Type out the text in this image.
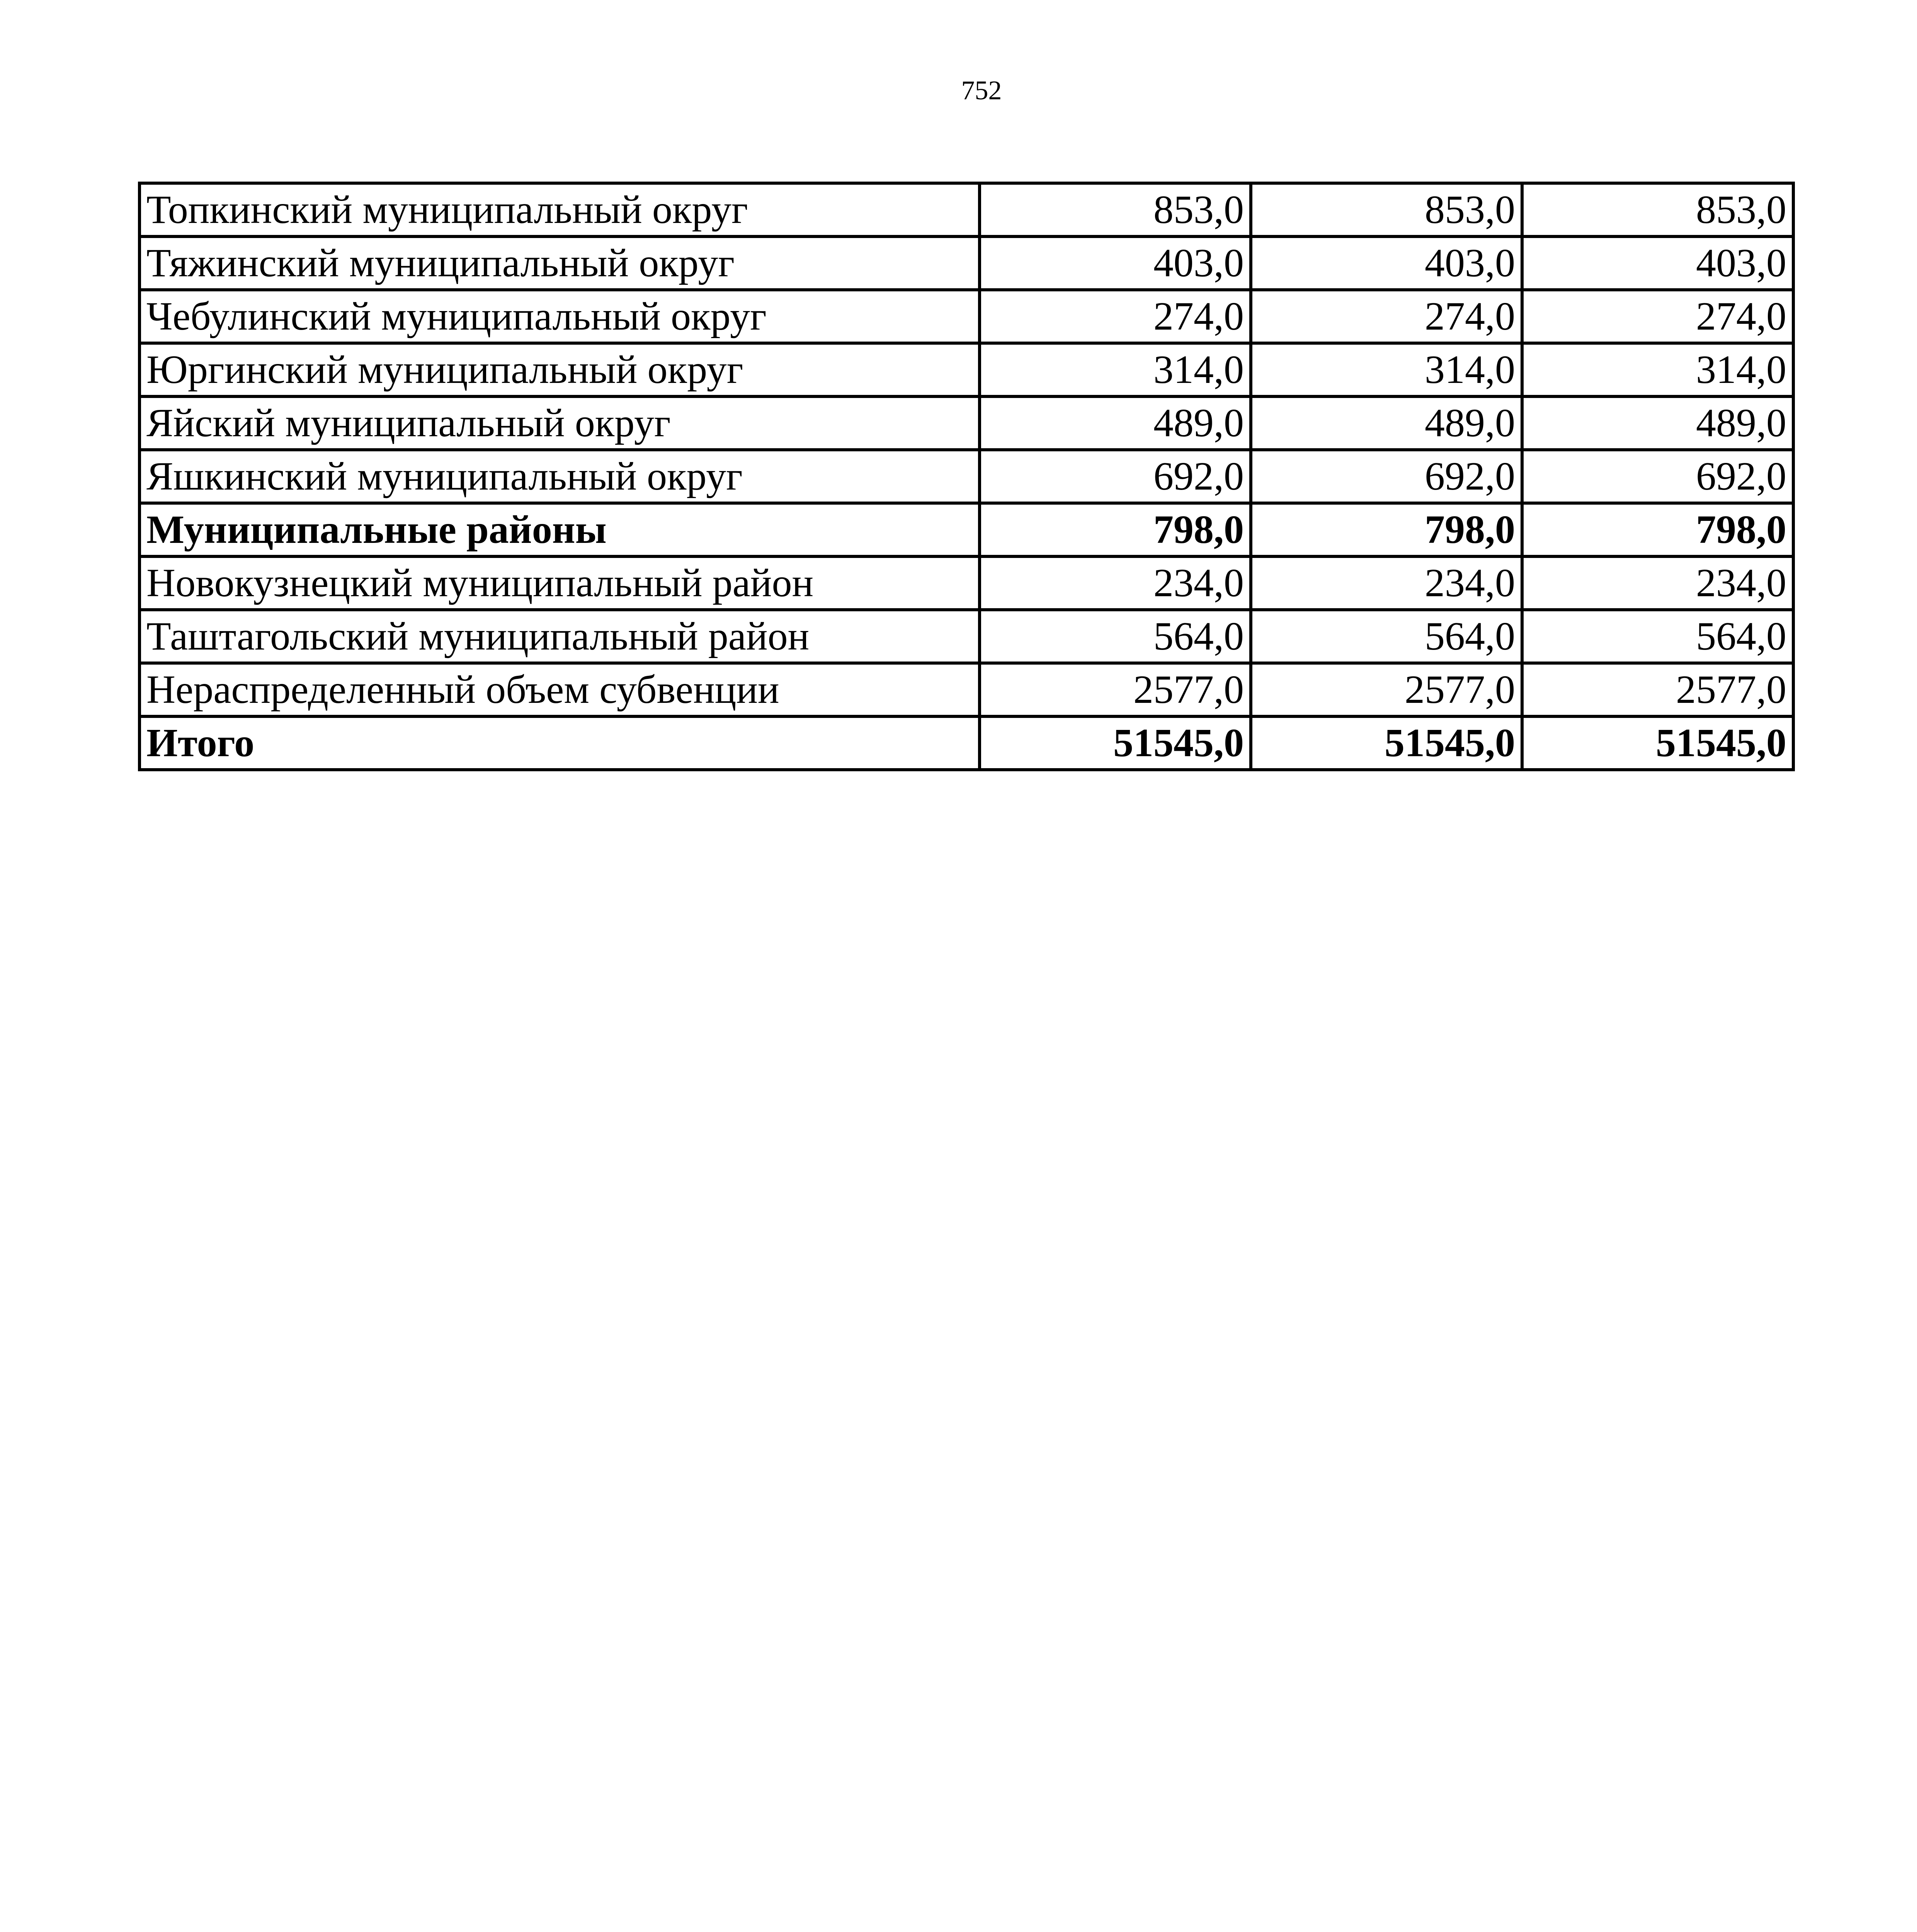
752
Топкинский муниципальный округ	853,0	853,0	853,0
Тяжинский муниципальный округ	403,0	403,0	403,0
Чебулинский муниципальный округ	274,0	274,0	274,0
Юргинский муниципальный округ	314,0	314,0	314,0
Яйский муниципальный округ	489,0	489,0	489,0
Яшкинский муниципальный округ	692,0	692,0	692,0
Муниципальные районы	798,0	798,0	798,0
Новокузнецкий муниципальный район	234,0	234,0	234,0
Таштагольский муниципальный район	564,0	564,0	564,0
Нераспределенный объем субвенции	2577,0	2577,0	2577,0
Итого	51545,0	51545,0	51545,0
